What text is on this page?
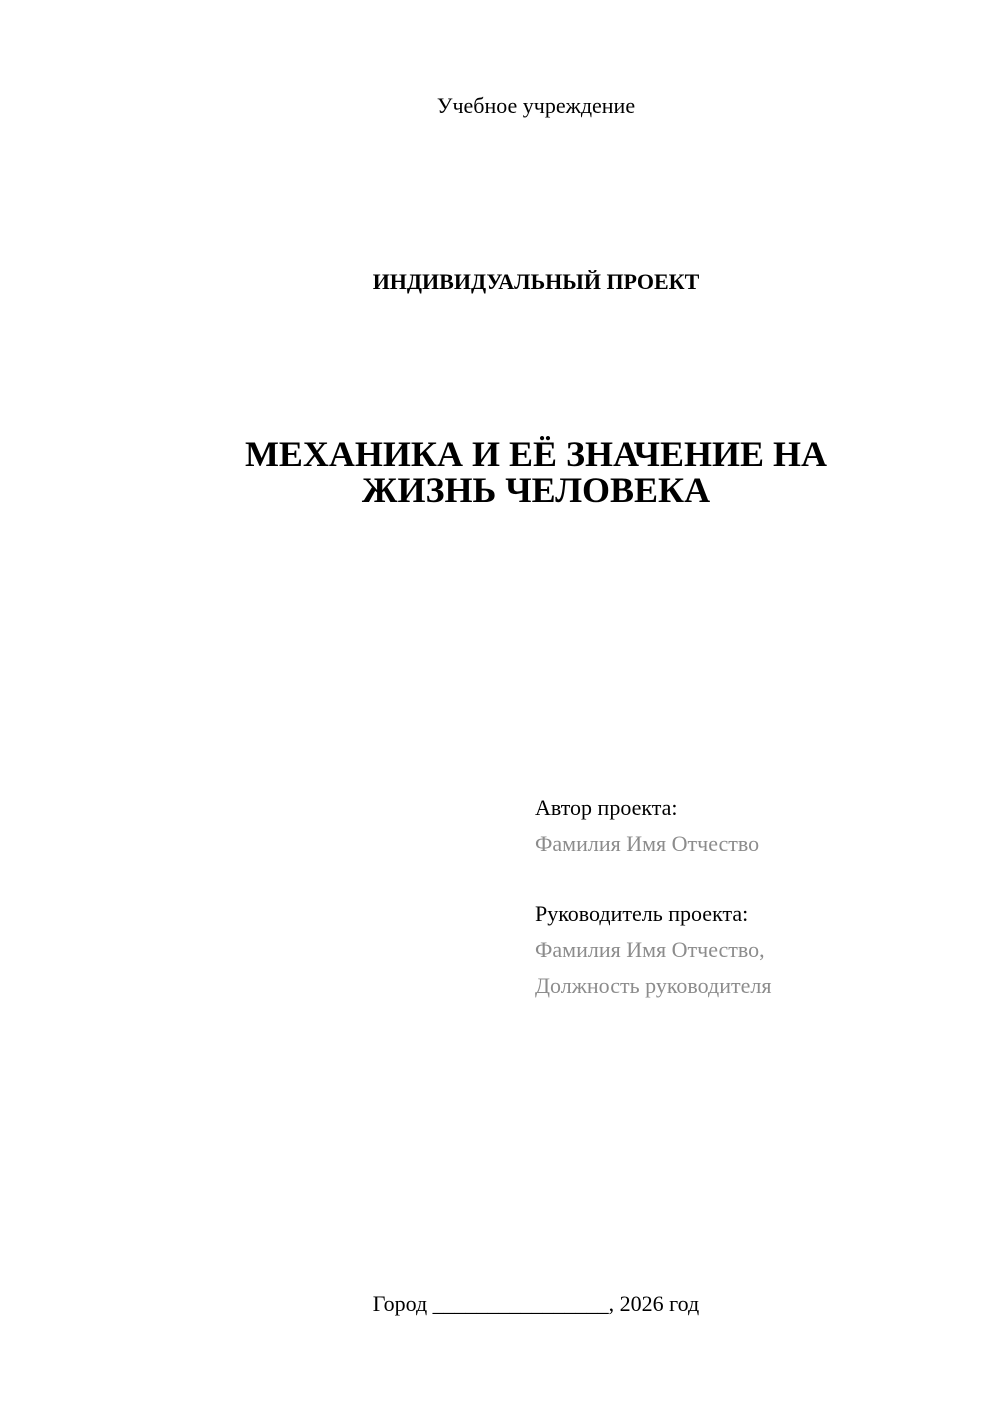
Учебное учреждение
ИНДИВИДУАЛЬНЫЙ ПРОЕКТ
МЕХАНИКА И ЕЁ ЗНАЧЕНИЕ НА
ЖИЗНЬ ЧЕЛОВЕКА
Автор проекта:
Фамилия Имя Отчество
Руководитель проекта:
Фамилия Имя Отчество,
Должность руководителя
Город ________________, 2026 год
